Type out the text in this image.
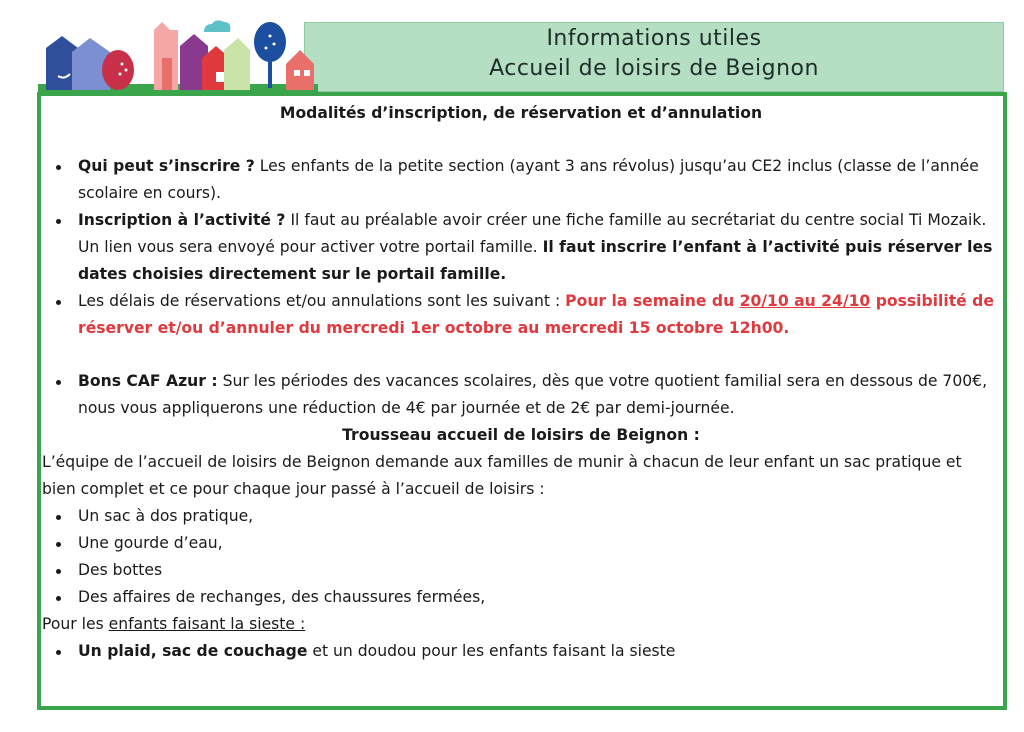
Informations utiles
Accueil de loisirs de Beignon

Modalités d’inscription, de réservation et d’annulation

Qui peut s’inscrire ? Les enfants de la petite section (ayant 3 ans révolus) jusqu’au CE2 inclus (classe de l’année scolaire en cours).
Inscription à l’activité ? Il faut au préalable avoir créer une fiche famille au secrétariat du centre social Ti Mozaik. Un lien vous sera envoyé pour activer votre portail famille. Il faut inscrire l’enfant à l’activité puis réserver les dates choisies directement sur le portail famille.
Les délais de réservations et/ou annulations sont les suivant : Pour la semaine du 20/10 au 24/10 possibilité de réserver et/ou d’annuler du mercredi 1er octobre au mercredi 15 octobre 12h00.
Bons CAF Azur : Sur les périodes des vacances scolaires, dès que votre quotient familial sera en dessous de 700€, nous vous appliquerons une réduction de 4€ par journée et de 2€ par demi-journée.

Trousseau accueil de loisirs de Beignon :

L’équipe de l’accueil de loisirs de Beignon demande aux familles de munir à chacun de leur enfant un sac pratique et bien complet et ce pour chaque jour passé à l’accueil de loisirs :

Un sac à dos pratique,
Une gourde d’eau,
Des bottes
Des affaires de rechanges, des chaussures fermées,

Pour les enfants faisant la sieste :

Un plaid, sac de couchage et un doudou pour les enfants faisant la sieste
